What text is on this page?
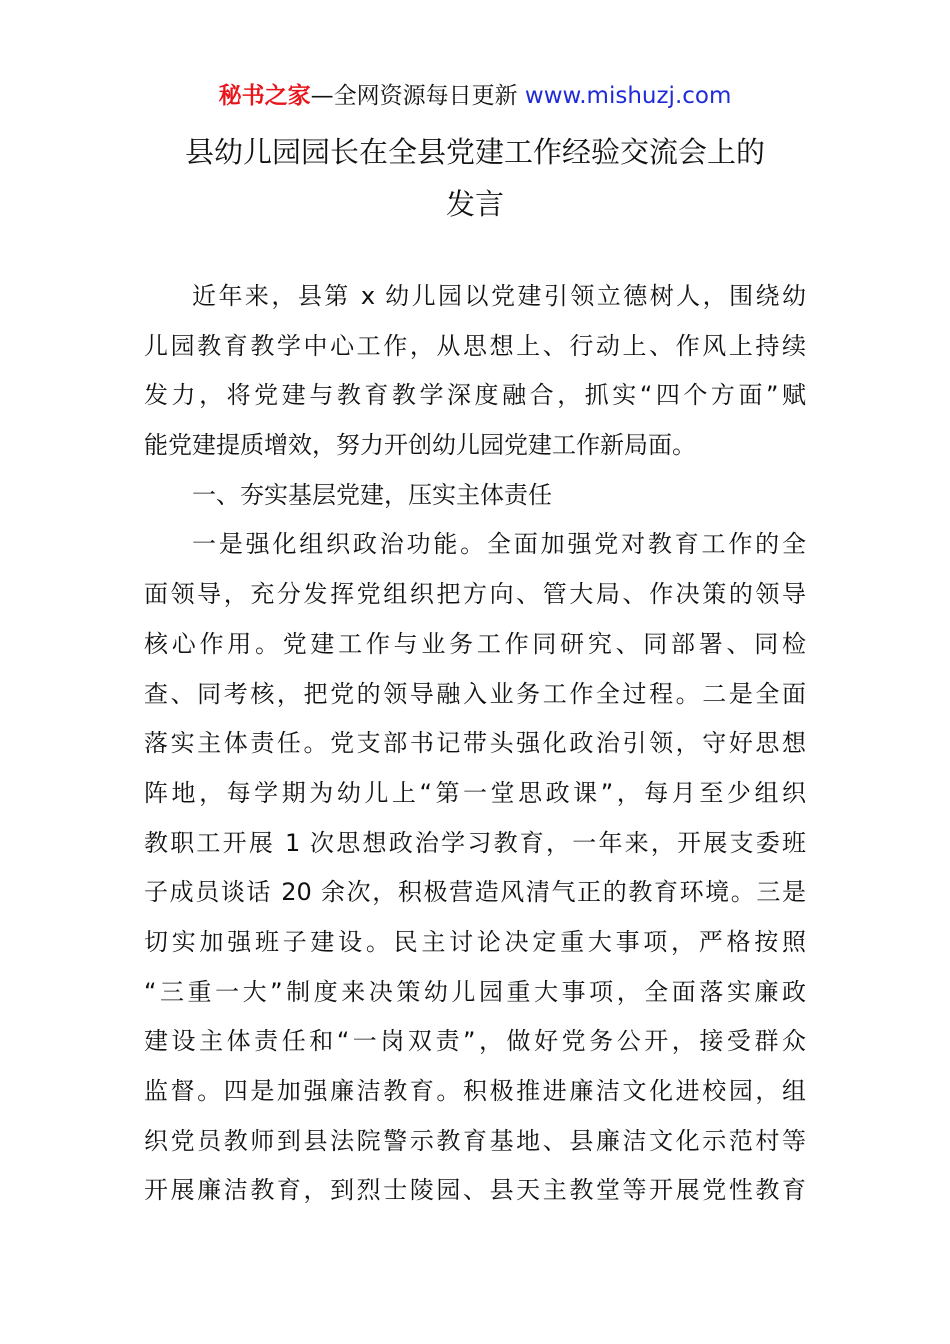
秘书之家—全网资源每日更新 www.mishuzj.com
县幼儿园园长在全县党建工作经验交流会上的
发言
近年来，县第 x 幼儿园以党建引领立德树人，围绕幼
儿园教育教学中心工作，从思想上、行动上、作风上持续
发力，将党建与教育教学深度融合，抓实“四个方面”赋
能党建提质增效，努力开创幼儿园党建工作新局面。
一、夯实基层党建，压实主体责任
一是强化组织政治功能。全面加强党对教育工作的全
面领导，充分发挥党组织把方向、管大局、作决策的领导
核心作用。党建工作与业务工作同研究、同部署、同检
查、同考核，把党的领导融入业务工作全过程。二是全面
落实主体责任。党支部书记带头强化政治引领，守好思想
阵地，每学期为幼儿上“第一堂思政课”，每月至少组织
教职工开展 1 次思想政治学习教育，一年来，开展支委班
子成员谈话 20 余次，积极营造风清气正的教育环境。三是
切实加强班子建设。民主讨论决定重大事项，严格按照
“三重一大”制度来决策幼儿园重大事项，全面落实廉政
建设主体责任和“一岗双责”，做好党务公开，接受群众
监督。四是加强廉洁教育。积极推进廉洁文化进校园，组
织党员教师到县法院警示教育基地、县廉洁文化示范村等
开展廉洁教育，到烈士陵园、县天主教堂等开展党性教育
